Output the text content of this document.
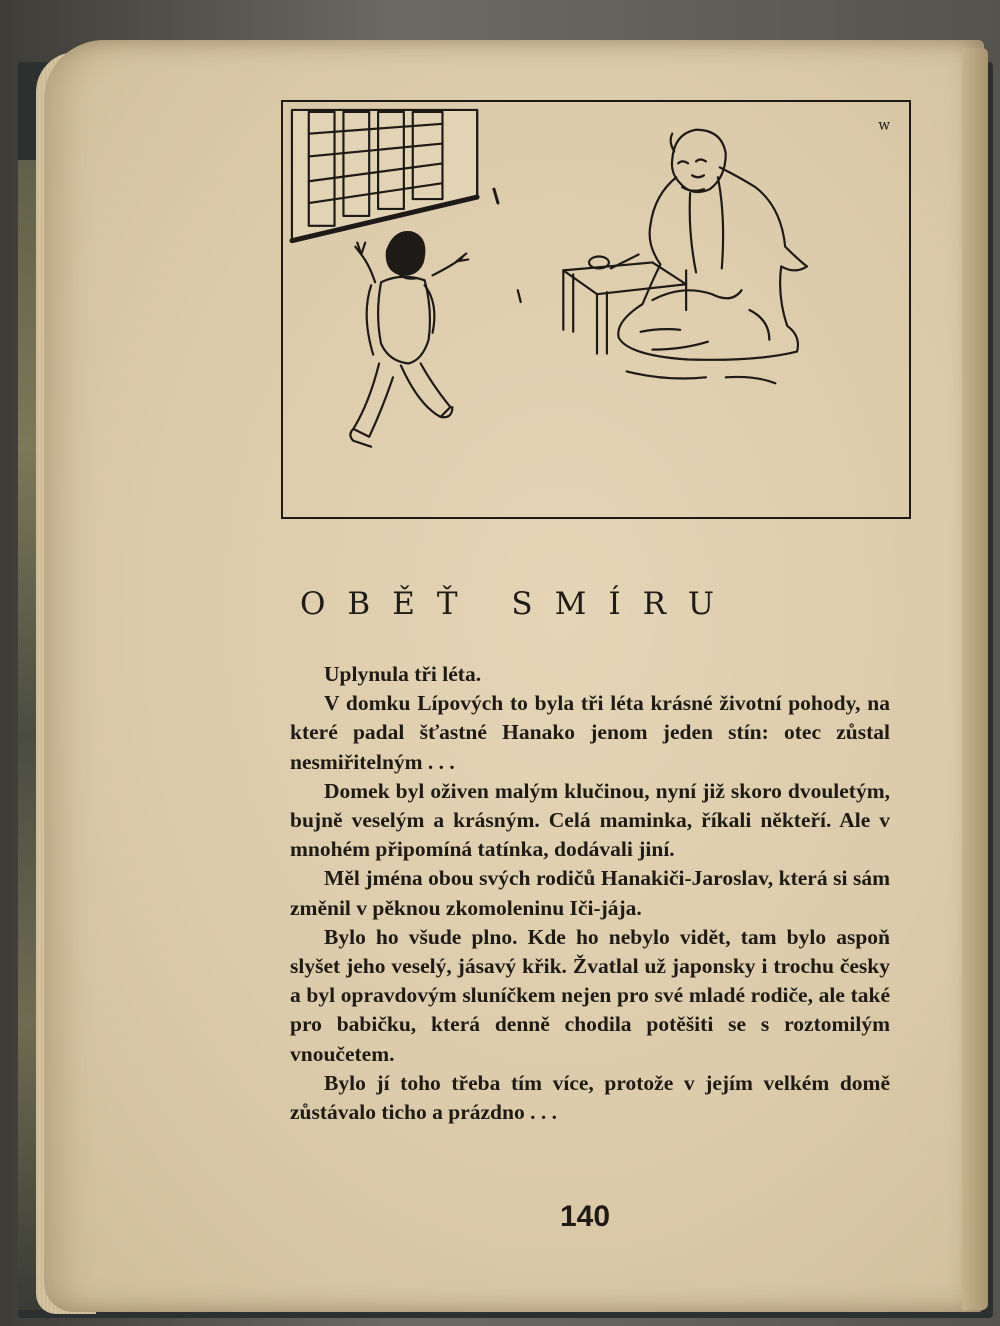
w
OBĚŤ SMÍRU

Uplynula tři léta.

V domku Lípových to byla tři léta krásné životní pohody, na které padal šťastné Hanako jenom jeden stín: otec zůstal nesmiřitelným . . .

Domek byl oživen malým klučinou, nyní již skoro dvouletým, bujně veselým a krásným. Celá maminka, říkali někteří. Ale v mnohém připomíná tatínka, dodávali jiní.

Měl jména obou svých rodičů Hanakiči-Jaroslav, která si sám změnil v pěknou zkomoleninu Iči-jája.

Bylo ho všude plno. Kde ho nebylo vidět, tam bylo aspoň slyšet jeho veselý, jásavý křik. Žvatlal už japonsky i trochu česky a byl opravdovým sluníčkem nejen pro své mladé rodiče, ale také pro babičku, která denně chodila potěšiti se s roztomilým vnoučetem.

Bylo jí toho třeba tím více, protože v jejím velkém domě zůstávalo ticho a prázdno . . .

140
